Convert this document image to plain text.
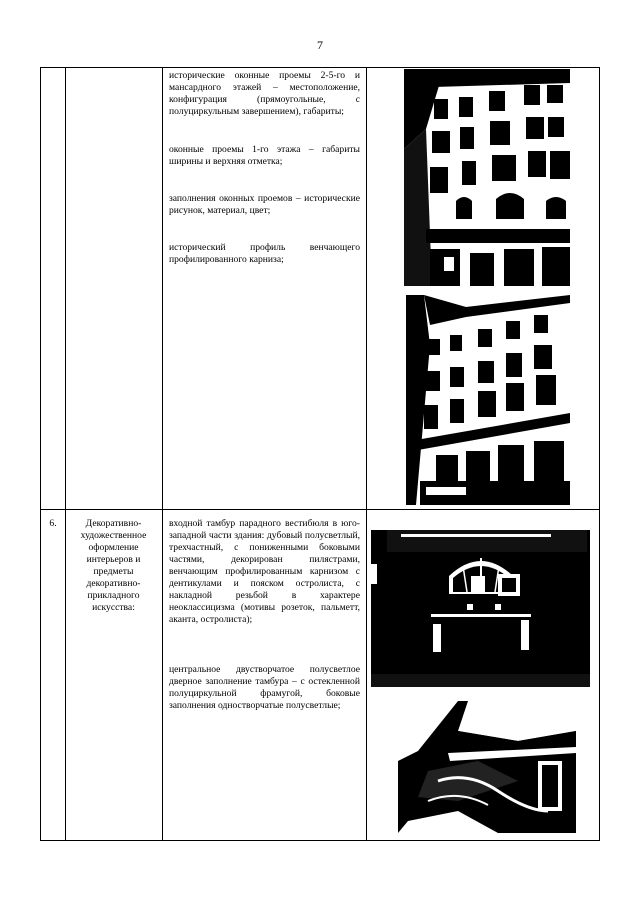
7
исторические оконные проемы 2-5-го и мансардного этажей – местоположение, конфигурация (прямоугольные, с полуциркульным завершением), габариты;
оконные проемы 1-го этажа – габариты ширины и верхняя отметка;
заполнения оконных проемов – исторические рисунок, материал, цвет;
исторический профиль венчающего профилированного карниза;
6.	Декоративно-художественное оформление интерьеров и предметы декоративно-прикладного искусства:
входной тамбур парадного вестибюля в юго-западной части здания: дубовый полусветлый, трехчастный, с пониженными боковыми частями, декорирован пилястрами, венчающим профилированным карнизом с дентикулами и пояском остролиста, с накладной резьбой в характере неоклассицизма (мотивы розеток, пальметт, аканта, остролиста);
центральное двустворчатое полусветлое дверное заполнение тамбура – с остекленной полуциркульной фрамугой, боковые заполнения одностворчатые полусветлые;
